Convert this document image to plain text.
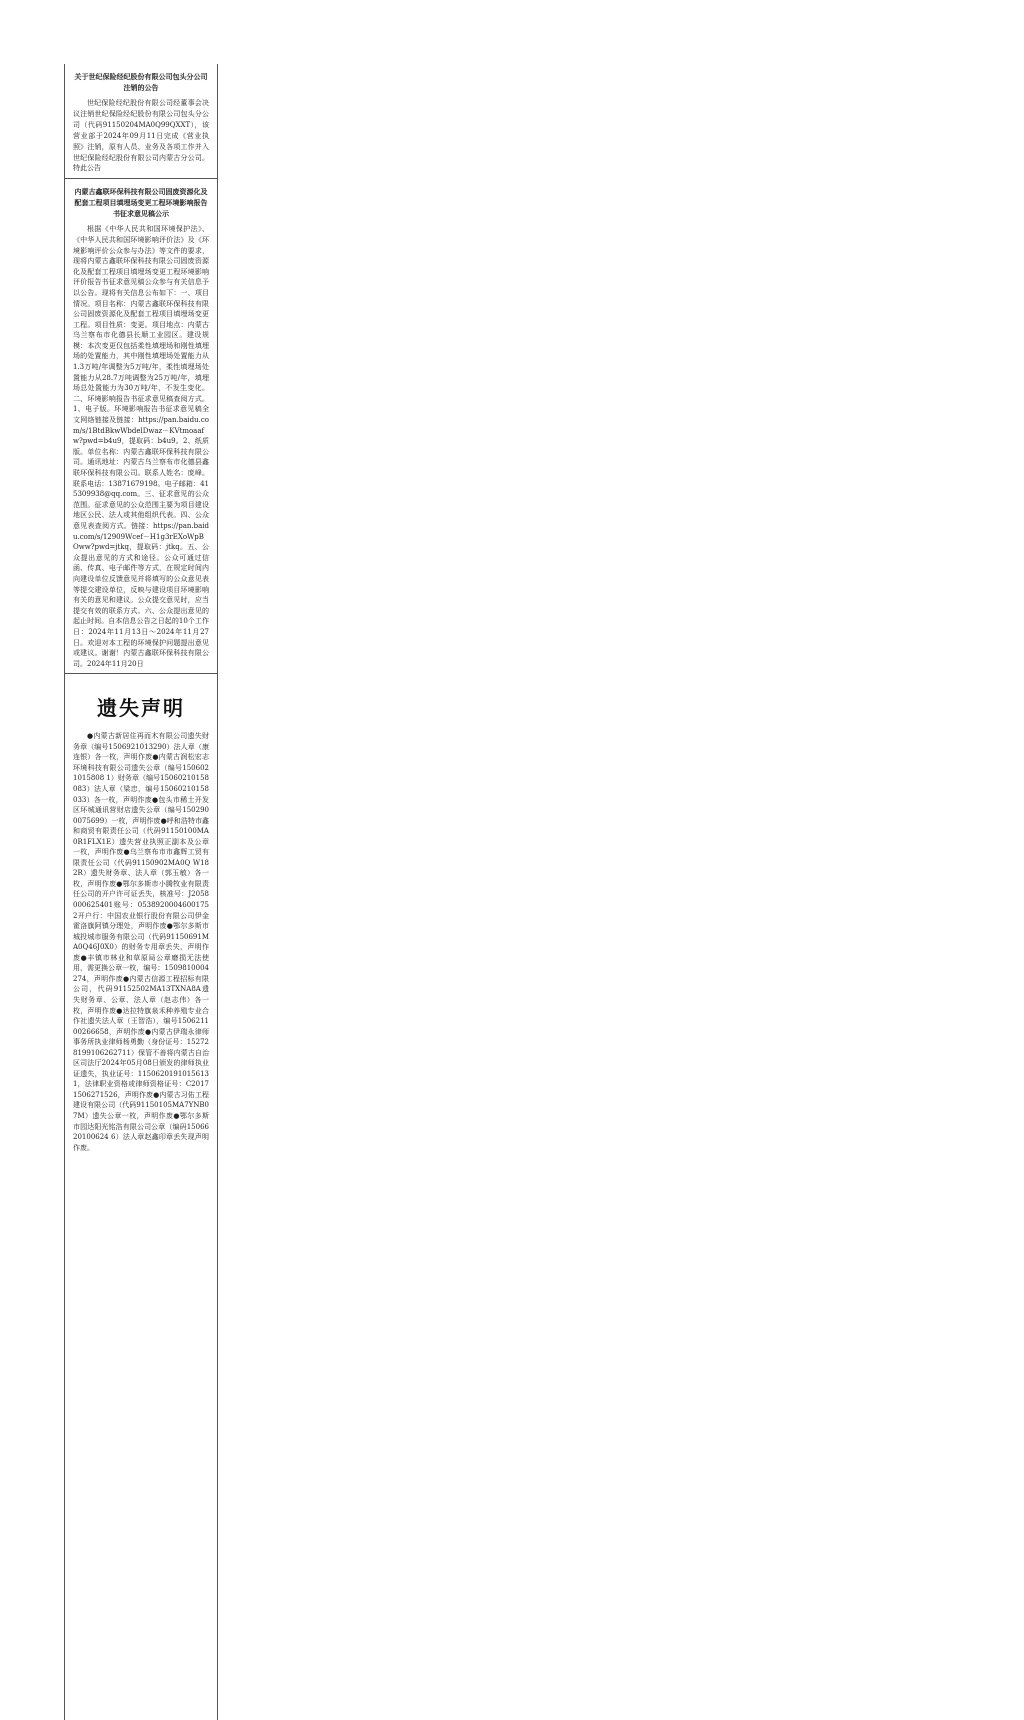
关于世纪保险经纪股份有限公司包头分公司注销的公告

世纪保险经纪股份有限公司经董事会决议注销世纪保险经纪股份有限公司包头分公司（代码91150204MA0Q99QXXT），该营业部于2024年09月11日完成《营业执照》注销，原有人员、业务及各项工作并入世纪保险经纪股份有限公司内蒙古分公司。特此公告

内蒙古鑫联环保科技有限公司固废资源化及配套工程项目填埋场变更工程环境影响报告书征求意见稿公示

根据《中华人民共和国环境保护法》、《中华人民共和国环境影响评价法》及《环境影响评价公众参与办法》等文件的要求，现将内蒙古鑫联环保科技有限公司固废资源化及配套工程项目填埋场变更工程环境影响评价报告书征求意见稿公众参与有关信息予以公告。现将有关信息公布如下：一、项目情况。项目名称：内蒙古鑫联环保科技有限公司固废资源化及配套工程项目填埋场变更工程。项目性质：变更。项目地点：内蒙古乌兰察布市化德县长顺工业园区。建设规模：本次变更仅包括柔性填埋场和刚性填埋场的处置能力，其中刚性填埋场处置能力从1.3万吨/年调整为5万吨/年，柔性填埋场处置能力从28.7万吨调整为25万吨/年，填埋场总处置能力为30万吨/年，不发生变化。二、环境影响报告书征求意见稿查阅方式。1、电子版。环境影响报告书征求意见稿全文网络链接及链接：https://pan.baidu.com/s/1BtdBkwWbdelDwaz－KVtmoaafw?pwd=b4u9，提取码：b4u9。2、纸质版。单位名称：内蒙古鑫联环保科技有限公司。通讯地址：内蒙古乌兰察布市化德县鑫联环保科技有限公司。联系人姓名：庞峰。联系电话：13871679198。电子邮箱：415309938@qq.com。三、征求意见的公众范围。征求意见的公众范围主要为项目建设地区公民、法人或其他组织代表。四、公众意见表查阅方式。链接：https://pan.baidu.com/s/12909Wcef－H1g3rEXoWpBOww?pwd=jtkq，提取码：jtkq。五、公众提出意见的方式和途径。公众可通过信函、传真、电子邮件等方式，在规定时间内向建设单位反馈意见并将填写的公众意见表等提交建设单位，反映与建设项目环境影响有关的意见和建议。公众提交意见时，应当提交有效的联系方式。六、公众提出意见的起止时间。自本信息公告之日起的10个工作日：2024年11月13日～2024年11月27日。欢迎对本工程的环境保护问题提出意见或建议。谢谢！内蒙古鑫联环保科技有限公司。2024年11月20日

遗失声明

●内蒙古新居住再而木有限公司遗失财务章（编号1506921013290）法人章（康连银）各一枚，声明作废●内蒙古润松宏志环境科技有限公司遗失公章（编号1506021015808 1）财务章（编号15060210158083）法人章（梁忠，编号15060210158033）各一枚，声明作废●包头市稀土开发区环城通讯营财店遗失公章（编号1502900075699）一枚，声明作废●呼和浩特市鑫和商贸有限责任公司（代码91150100MA0R1FLX1E）遗失营业执照正副本及公章一枚，声明作废●乌兰察布市市鑫辉工贸有限责任公司（代码91150902MA0Q W182R）遗失财务章、法人章（郭玉敏）各一枚，声明作废●鄂尔多斯市小腾牧业有限责任公司的开户许可证丢失，核准号：J2058000625401账号：05389200046001752开户行：中国农业银行股份有限公司伊金霍洛旗阿镇分理处，声明作废●鄂尔多斯市城投城市服务有限公司（代码91150691MA0Q46J0X0）的财务专用章丢失，声明作废●丰镇市林业和草原局公章磨损无法使用，需更换公章一枚，编号：1509810004274，声明作废●内蒙古信源工程招标有限公司，代码91152502MA13TXNA8A遗失财务章、公章、法人章（赵志伟）各一枚，声明作废●达拉特旗泉禾种养殖专业合作社遗失法人章（王智浩），编号150621100266658，声明作废●内蒙古伊瑞永律师事务所执业律师杨勇勤（身份证号：152728199106262711）保管不善将内蒙古自治区司法厅2024年05月08日颁发的律师执业证遗失，执业证号：11506201910156131，法律职业资格或律师资格证号：C20171506271526，声明作废●内蒙古习佑工程建设有限公司（代码91150105MA7YNB07M）遗失公章一枚，声明作废●鄂尔多斯市园达阳光铭浩有限公司公章（编码1506620100624 6）法人章赵鑫印章丢失现声明作废。
